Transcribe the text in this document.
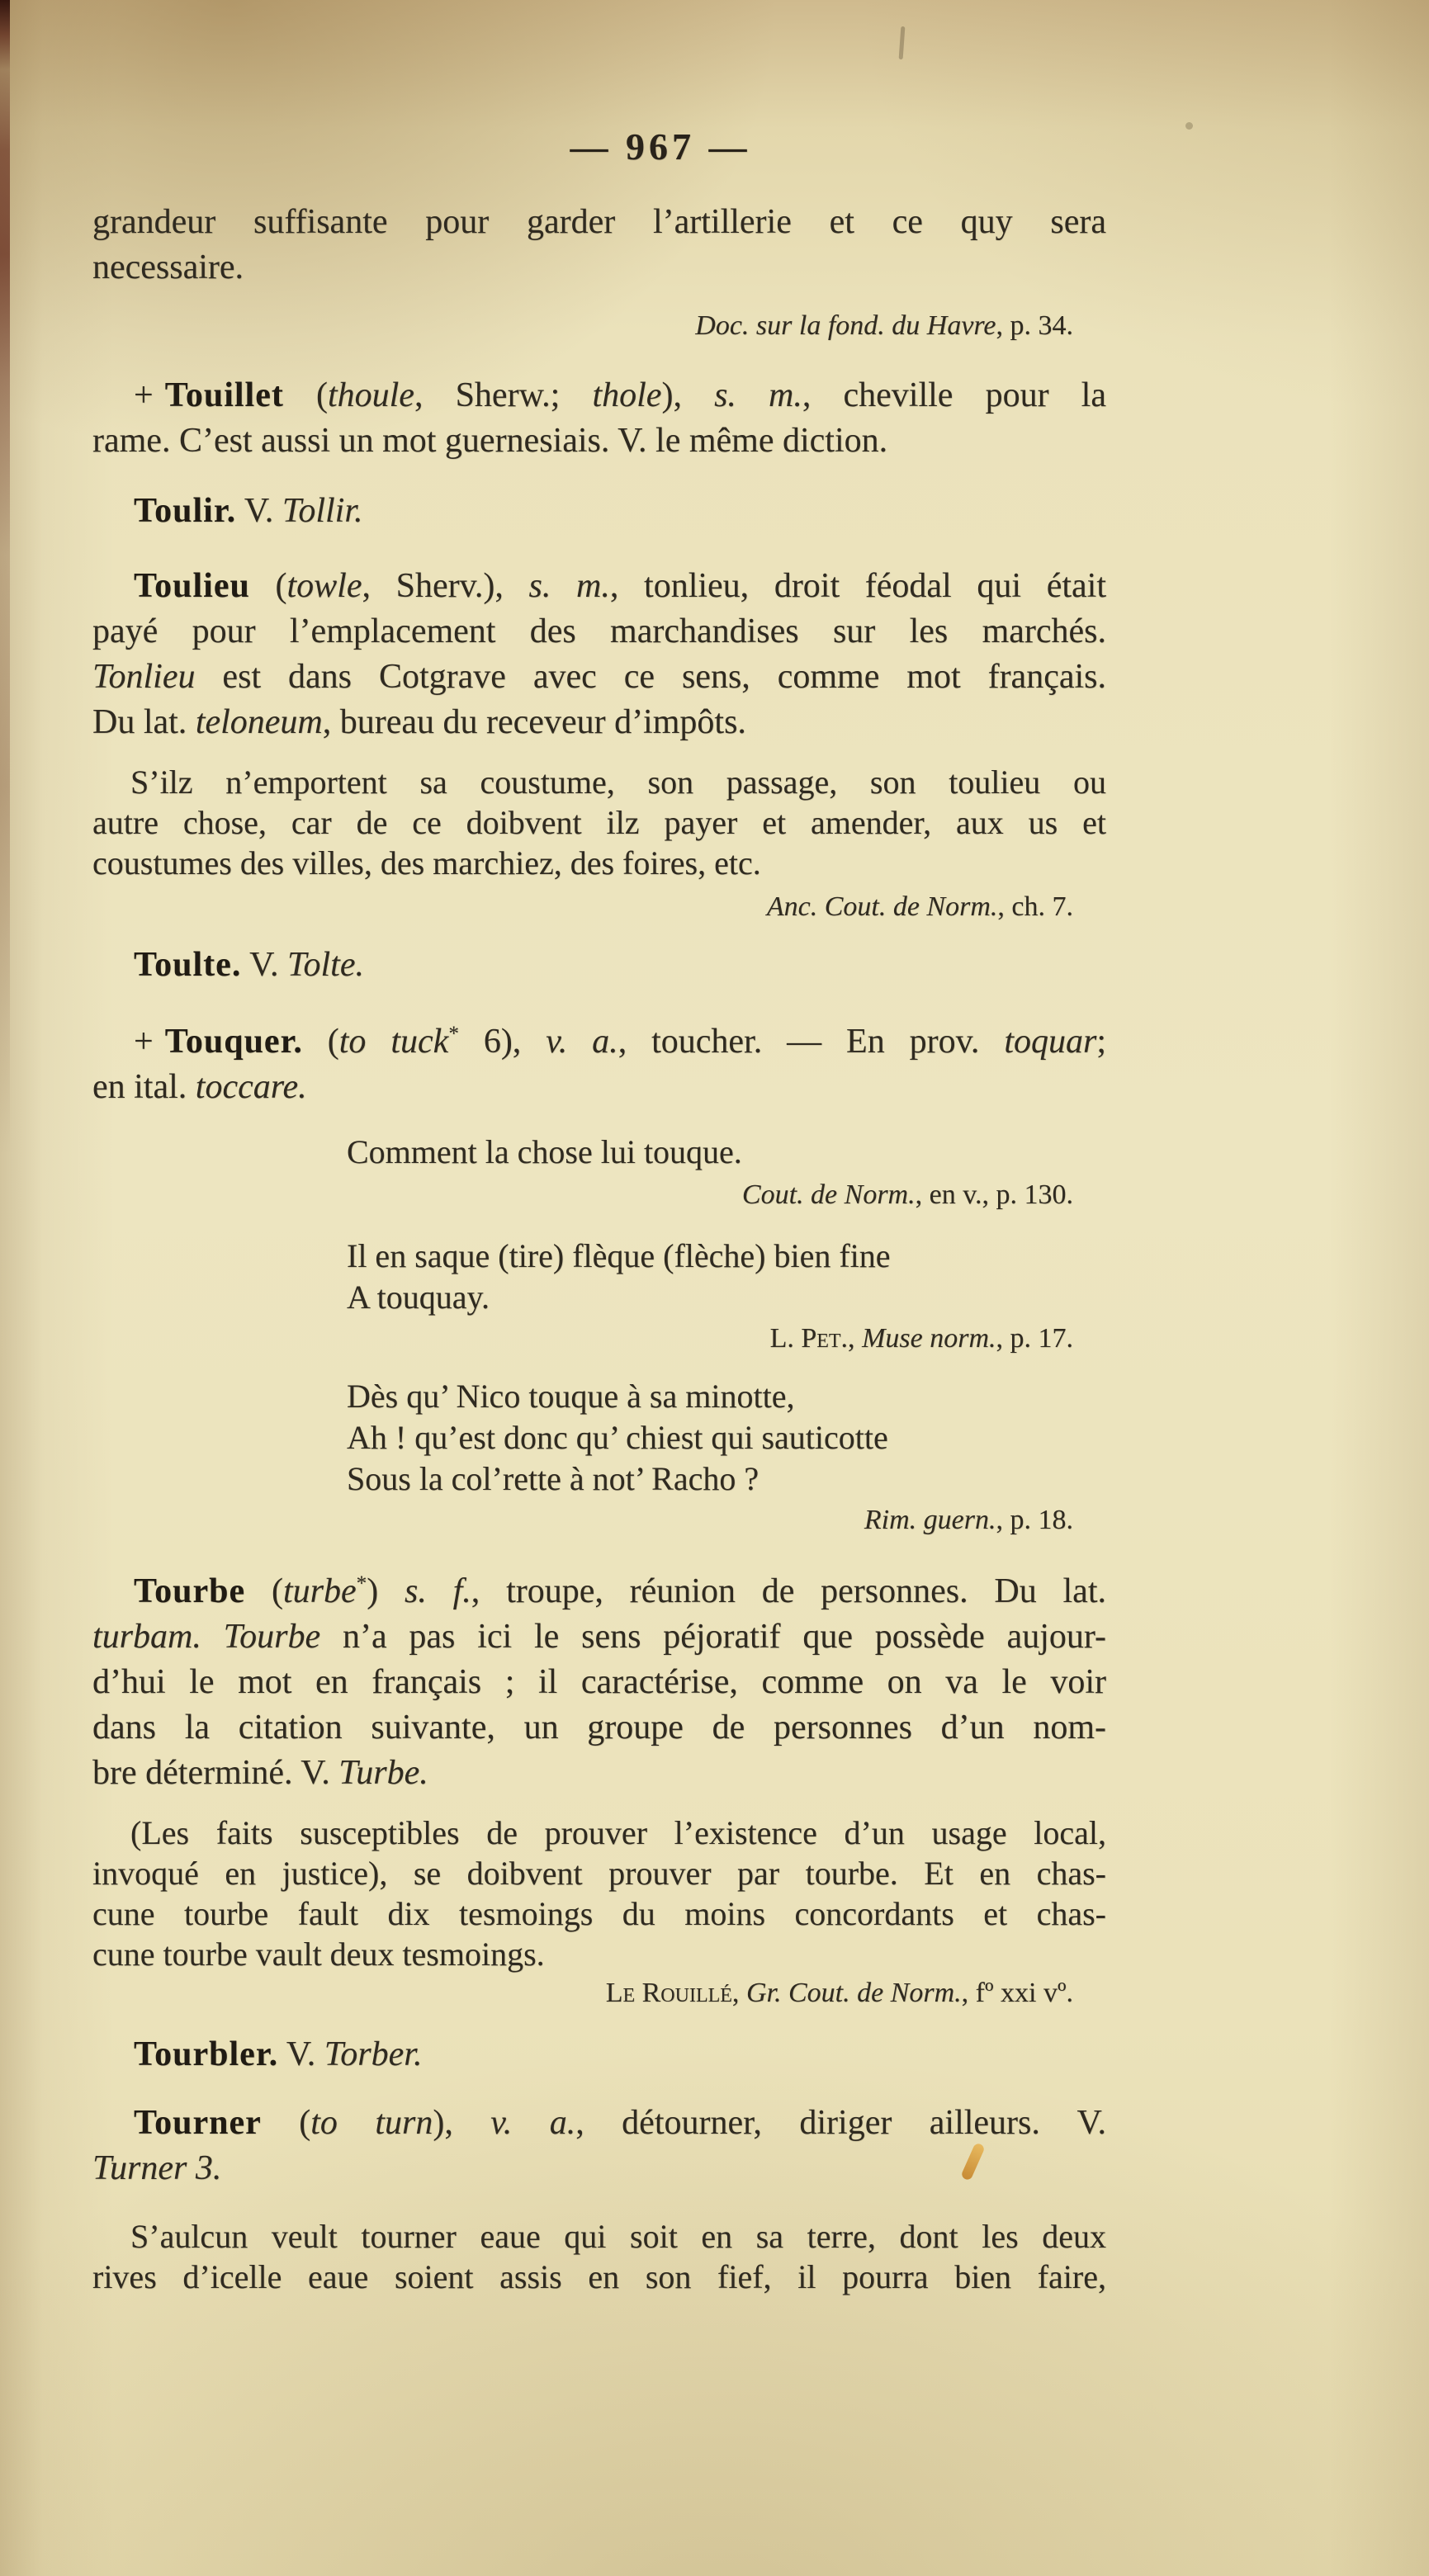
— 967 —
grandeur suffisante pour garder l’artillerie et ce quy sera
necessaire.
Doc. sur la fond. du Havre, p. 34.
+ Touillet (thoule, Sherw.; thole), s. m., cheville pour la
rame. C’est aussi un mot guernesiais. V. le même diction.
Toulir. V. Tollir.
Toulieu (towle, Sherv.), s. m., tonlieu, droit féodal qui était
payé pour l’emplacement des marchandises sur les marchés.
Tonlieu est dans Cotgrave avec ce sens, comme mot français.
Du lat. teloneum, bureau du receveur d’impôts.
S’ilz n’emportent sa coustume, son passage, son toulieu ou
autre chose, car de ce doibvent ilz payer et amender, aux us et
coustumes des villes, des marchiez, des foires, etc.
Anc. Cout. de Norm., ch. 7.
Toulte. V. Tolte.
+ Touquer. (to tuck* 6), v. a., toucher. — En prov. toquar;
en ital. toccare.
Comment la chose lui touque.
Cout. de Norm., en v., p. 130.
Il en saque (tire) flèque (flèche) bien fine
A touquay.
L. Pet., Muse norm., p. 17.
Dès qu’ Nico touque à sa minotte,
Ah ! qu’est donc qu’ chiest qui sauticotte
Sous la col’rette à not’ Racho ?
Rim. guern., p. 18.
Tourbe (turbe*) s. f., troupe, réunion de personnes. Du lat.
turbam. Tourbe n’a pas ici le sens péjoratif que possède aujour-
d’hui le mot en français ; il caractérise, comme on va le voir
dans la citation suivante, un groupe de personnes d’un nom-
bre déterminé. V. Turbe.
(Les faits susceptibles de prouver l’existence d’un usage local,
invoqué en justice), se doibvent prouver par tourbe. Et en chas-
cune tourbe fault dix tesmoings du moins concordants et chas-
cune tourbe vault deux tesmoings.
Le Rouillé, Gr. Cout. de Norm., fº xxi vº.
Tourbler. V. Torber.
Tourner (to turn), v. a., détourner, diriger ailleurs. V.
Turner 3.
S’aulcun veult tourner eaue qui soit en sa terre, dont les deux
rives d’icelle eaue soient assis en son fief, il pourra bien faire,
